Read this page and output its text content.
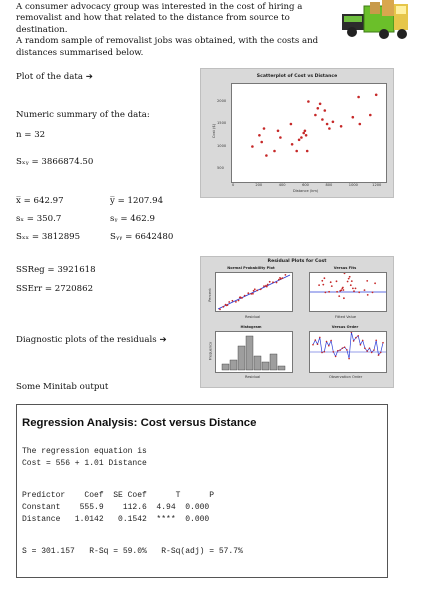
A consumer advocacy group was interested in the cost of hiring a
removalist and how that related to the distance from source to destination.
A random sample of removalist jobs was obtained, with the costs and
distances summarised below.
Plot of the data ➔
Numeric summary of the data:
n = 32
Sₓᵧ = 3866874.50
x̅ = 642.97	y̅ = 1207.94
sₓ = 350.7	sᵧ = 462.9
Sₓₓ = 3812895	Sᵧᵧ = 6642480
SSReg = 3921618
SSErr = 2720862
Diagnostic plots of the residuals ➔
Some Minitab output
Scatterplot of Cost vs Distance
Cost ($)
Distance (km)
0	200	400	600	800	1000	1200
500
1000
1500
2000
Residual Plots for Cost
Normal Probability Plot	Versus Fits
Histogram	Versus Order
Percent
Residual	Fitted Value
Frequency
Residual	Observation Order
Regression Analysis: Cost versus Distance
The regression equation is
Cost = 556 + 1.01 Distance
Predictor    Coef  SE Coef      T      P
Constant    555.9    112.6  4.94  0.000
Distance   1.0142   0.1542  ****  0.000
S = 301.157   R-Sq = 59.0%   R-Sq(adj) = 57.7%
